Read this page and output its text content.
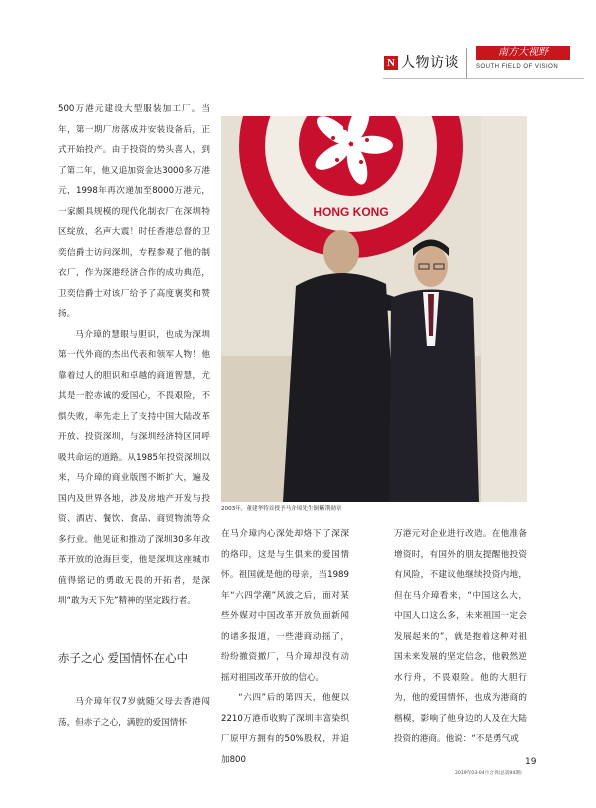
N 人物访谈
南方大视野
SOUTH FIELD OF VISION

500万港元建设大型服装加工厂。当年，第一期厂房落成并安装设备后，正式开始投产。由于投资的势头喜人，到了第二年，他又追加资金达3000多万港元，1998年再次递加至8000万港元，一家颇具规模的现代化制衣厂在深圳特区绽放，名声大震！时任香港总督的卫奕信爵士访问深圳，专程参观了他的制衣厂，作为深港经济合作的成功典范，卫奕信爵士对该厂给予了高度褒奖和赞扬。

马介璋的慧眼与胆识，也成为深圳第一代外商的杰出代表和领军人物！他靠着过人的胆识和卓越的商道智慧，尤其是一腔赤诚的爱国心，不畏艰险，不惧失败，率先走上了支持中国大陆改革开放、投资深圳，与深圳经济特区同呼吸共命运的道路。从1985年投资深圳以来，马介璋的商业版图不断扩大，遍及国内及世界各地，涉及房地产开发与投资、酒店、餐饮、食品、商贸物流等众多行业。他见证和推动了深圳30多年改革开放的沧海巨变，他是深圳这座城市值得铭记的勇敢无畏的开拓者，是深圳“敢为天下先”精神的坚定践行者。

赤子之心 爱国情怀在心中

马介璋年仅7岁就随父母去香港闯荡，但赤子之心，满腔的爱国情怀

HONG KONG
2003年，董建华特首授予马介璋先生铜紫荆勋章

在马介璋内心深处却烙下了深深的烙印，这是与生俱来的爱国情怀。祖国就是他的母亲，当1989年“六四学潮”风波之后，面对某些外媒对中国改革开放负面新闻的诸多报道，一些港商动摇了，纷纷撤资撤厂，马介璋却没有动摇对祖国改革开放的信心。

“六四”后的第四天，他便以2210万港币收购了深圳丰富染织厂原甲方拥有的50%股权，并追加800

万港元对企业进行改造。在他准备增资时，有国外的朋友提醒他投资有风险，不建议他继续投资内地，但在马介璋看来，“中国这么大，中国人口这么多，未来祖国一定会发展起来的”，就是抱着这种对祖国未来发展的坚定信念，他毅然逆水行舟，不畏艰险。他的大胆行为，他的爱国情怀，也成为港商的楷模，影响了他身边的人及在大陆投资的港商。他说：“不是勇气或

19
2019年03-04月合刊(总第94期)
